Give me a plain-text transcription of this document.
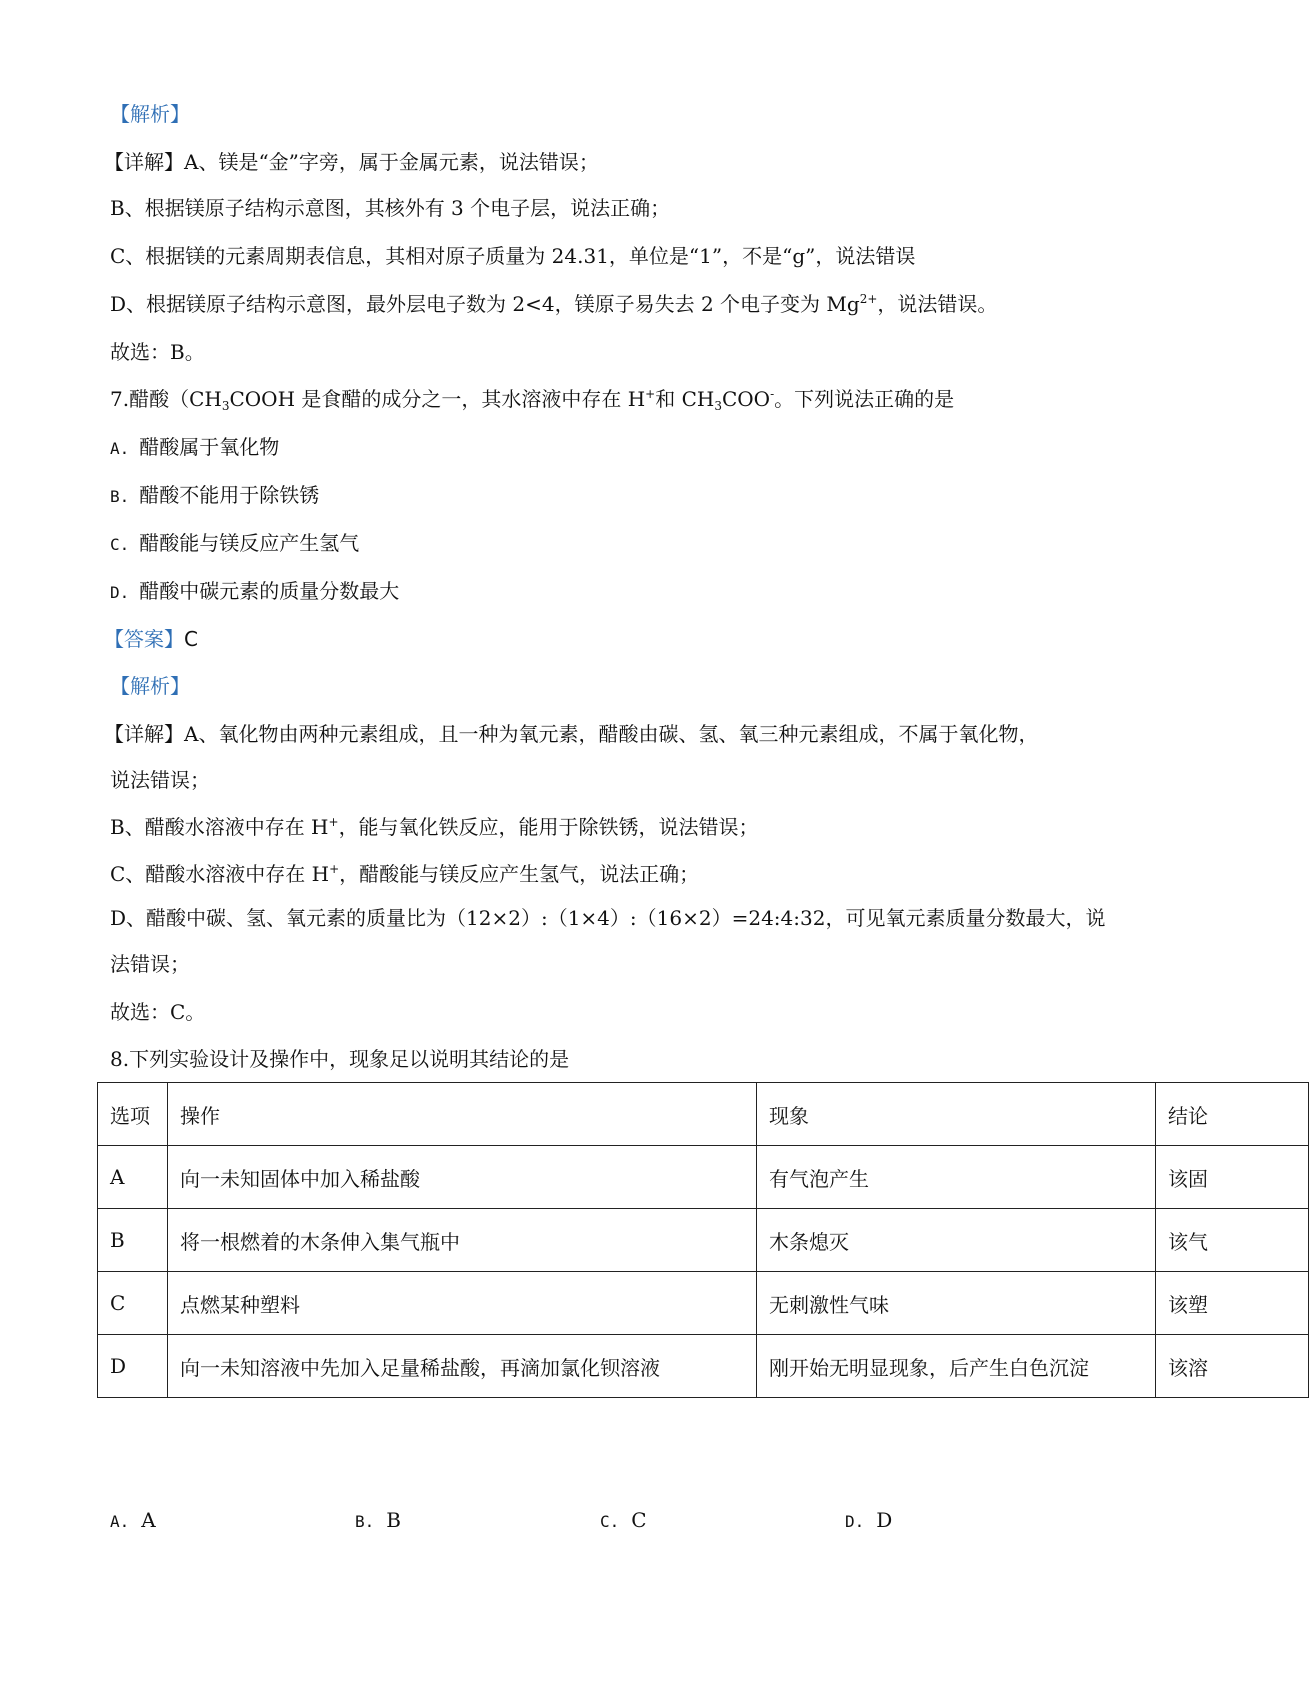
【解析】
【详解】A、镁是“金”字旁，属于金属元素，说法错误；
B、根据镁原子结构示意图，其核外有 3 个电子层，说法正确；
C、根据镁的元素周期表信息，其相对原子质量为 24.31，单位是“1”，不是“g”，说法错误
D、根据镁原子结构示意图，最外层电子数为 2<4，镁原子易失去 2 个电子变为 $Mg^{2+}$，说法错误。
故选：B。
7.醋酸（$CH_3COOH$ 是食醋的成分之一，其水溶液中存在 H+和 $CH_3COO^-$。下列说法正确的是
A. 醋酸属于氧化物
B. 醋酸不能用于除铁锈
C. 醋酸能与镁反应产生氢气
D. 醋酸中碳元素的质量分数最大
【答案】C
【解析】
【详解】A、氧化物由两种元素组成，且一种为氧元素，醋酸由碳、氢、氧三种元素组成，不属于氧化物，
说法错误；
B、醋酸水溶液中存在 H+，能与氧化铁反应，能用于除铁锈，说法错误；
C、醋酸水溶液中存在 H+，醋酸能与镁反应产生氢气，说法正确；
D、醋酸中碳、氢、氧元素的质量比为（12×2）:（1×4）:（16×2）=24:4:32，可见氧元素质量分数最大，说
法错误；
故选：C。
8.下列实验设计及操作中，现象足以说明其结论的是
选项	操作	现象	结论
A	向一未知固体中加入稀盐酸	有气泡产生	该固
B	将一根燃着的木条伸入集气瓶中	木条熄灭	该气
C	点燃某种塑料	无刺激性气味	该塑
D	向一未知溶液中先加入足量稀盐酸，再滴加氯化钡溶液	刚开始无明显现象，后产生白色沉淀	该溶
A. A	B. B	C. C	D. D
